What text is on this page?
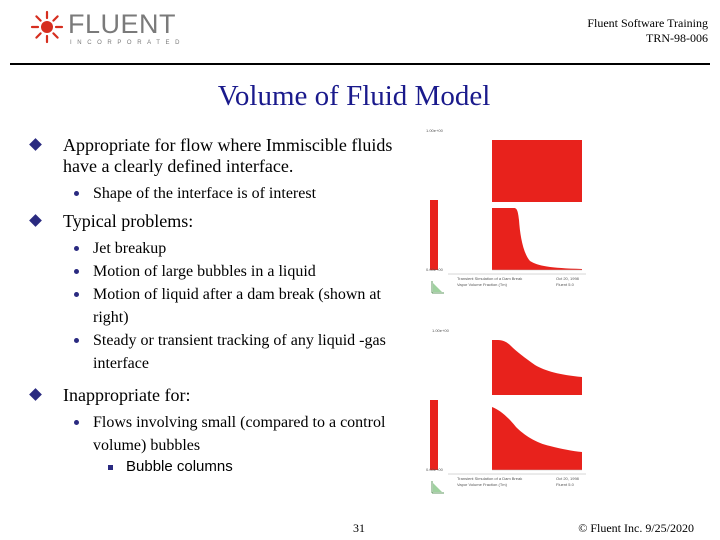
FLUENT
INCORPORATED
Fluent Software Training
TRN-98-006
Volume of Fluid Model
Appropriate for flow where Immiscible fluids have a clearly defined interface.
Shape of the interface is of interest
Typical problems:
Jet breakup
Motion of large bubbles in a liquid
Motion of liquid after a dam break (shown at right)
Steady or transient tracking of any liquid -gas interface
Inappropriate for:
Flows involving small (compared to a control volume) bubbles
Bubble columns
1.00e+00
0.00e+00
Transient Simulation of a Dam Break
Vapor Volume Fraction (Tm)
Oct 20, 1998
Fluent 5.0
1.00e+00
0.00e+00
Transient Simulation of a Dam Break
Vapor Volume Fraction (Tm)
Oct 20, 1998
Fluent 5.0
31	© Fluent Inc. 9/25/2020
